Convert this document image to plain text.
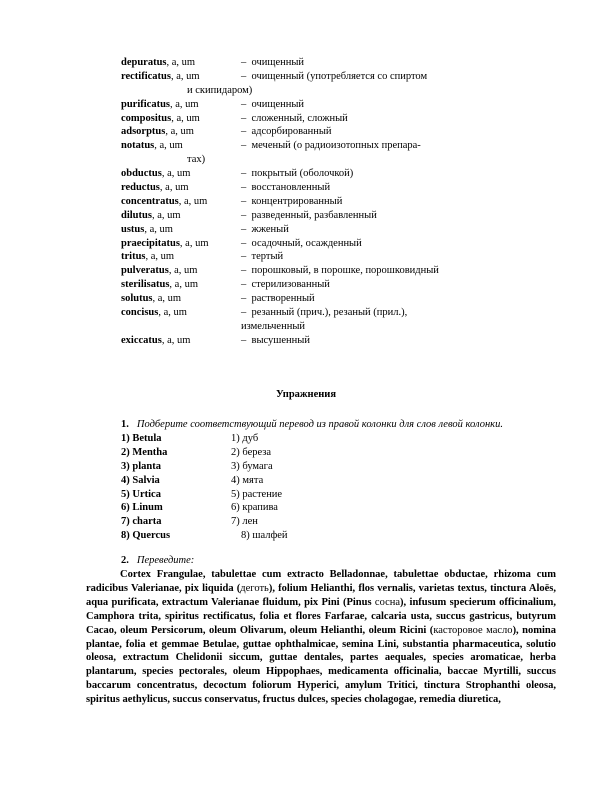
depuratus, a, um	– очищенный
rectificatus, a, um	– очищенный (употребляется со спиртом
и скипидаром)
purificatus, a, um	– очищенный
compositus, a, um	– сложенный, сложный
adsorptus, a, um	– адсорбированный
notatus, a, um	– меченый (о радиоизотопных препара-
тах)
obductus, a, um	– покрытый (оболочкой)
reductus, a, um	– восстановленный
concentratus, a, um	– концентрированный
dilutus, a, um	– разведенный, разбавленный
ustus, a, um	– жженый
praecipitatus, a, um	– осадочный, осажденный
tritus, a, um	– тертый
pulveratus, a, um	– порошковый, в порошке, порошковидный
sterilisatus, a, um	– стерилизованный
solutus, a, um	– растворенный
concisus, a, um	– резанный (прич.), резаный (прил.),
измельченный
exiccatus, a, um	– высушенный
Упражнения
1. Подберите соответствующий перевод из правой колонки для слов левой колонки.
1) Betula	1) дуб
2) Mentha	2) береза
3) planta	3) бумага
4) Salvia	4) мята
5) Urtica	5) растение
6) Linum	6) крапива
7) charta	7) лен
8) Quercus	8) шалфей
2. Переведите:
Cortex Frangulae, tabulettae cum extracto Belladonnae, tabulettae obductae, rhizoma cum radicibus Valerianae, pix liquida (деготь), folium Helianthi, flos vernalis, varietas textus, tinctura Aloës, aqua purificata, extractum Valerianae fluidum, pix Pini (Pinus сосна), infusum specierum officinalium, Camphora trita, spiritus rectificatus, folia et flores Farfarae, calcaria usta, succus gastricus, butyrum Cacao, oleum Persicorum, oleum Olivarum, oleum Helianthi, oleum Ricini (касторовое масло), nomina plantae, folia et gemmae Betulae, guttae ophthalmicae, semina Lini, substantia pharmaceutica, solutio oleosa, extractum Chelidonii siccum, guttae dentales, partes aequales, species aromaticae, herba plantarum, species pectorales, oleum Hippophaes, medicamenta officinalia, baccae Myrtilli, succus baccarum concentratus, decoctum foliorum Hyperici, amylum Tritici, tinctura Strophanthi oleosa, spiritus aethylicus, succus conservatus, fructus dulces, species cholagogae, remedia diuretica,
